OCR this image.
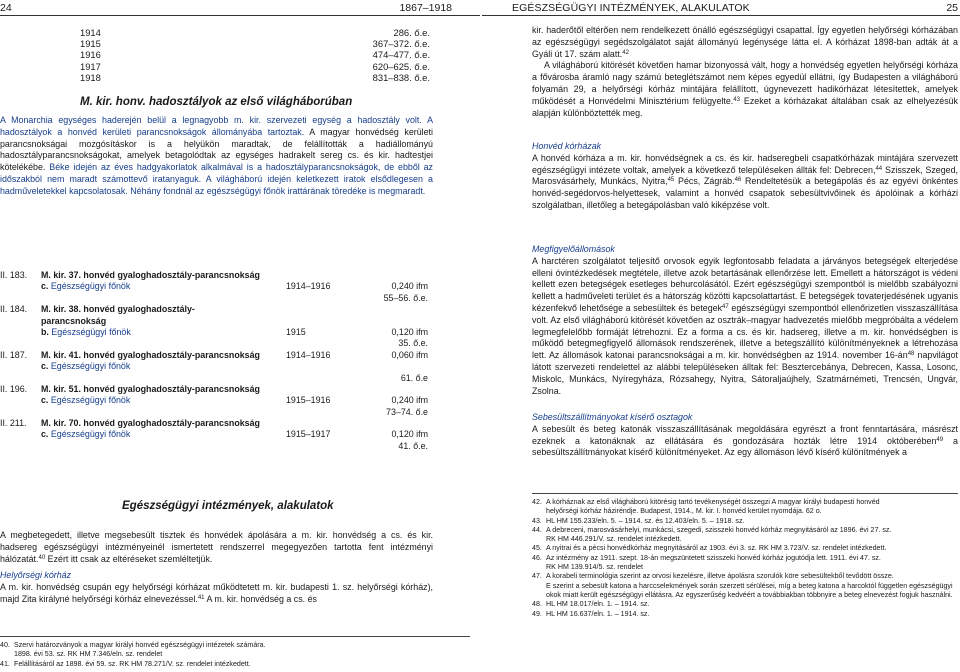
24	1867–1918
1914	286. ő.e.
1915	367–372. ő.e.
1916	474–477. ő.e.
1917	620–625. ő.e.
1918	831–838. ő.e.
M. kir. honv. hadosztályok az első világháborúban

A Monarchia egységes haderején belül a legnagyobb m. kir. szervezeti egység a hadosztály volt. A hadosztályok a honvéd kerületi parancsnokságok állományába tartoztak. A magyar honvédség kerületi parancsnokságai mozgósításkor is a helyükön maradtak, de felállították a hadiállományú hadosztályparancsnokságokat, amelyek betagolódtak az egységes hadrakelt sereg cs. és kir. hadtestjei kötelékébe. Béke idején az éves hadgyakorlatok alkalmával is a hadosztályparancsnokságok, de ebből az időszakból nem maradt számottevő iratanyaguk. A világháború idején keletkezett iratok elsődlegesen a hadműveletekkel kapcsolatosak. Néhány fondnál az egészségügyi főnök irattárának töredéke is megmaradt.

II. 183.	M. kir. 37. honvéd gyaloghadosztály-parancsnokság
c. Egészségügyi főnök	1914–1916	0,240 ifm
55–56. ő.e.
II. 184.	M. kir. 38. honvéd gyaloghadosztály-
parancsnokság
b. Egészségügyi főnök	1915	0,120 ifm
35. ő.e.
II. 187.	M. kir. 41. honvéd gyaloghadosztály-parancsnokság	1914–1916	0,060 ifm
c. Egészségügyi főnök
61. ő.e
II. 196.	M. kir. 51. honvéd gyaloghadosztály-parancsnokság
c. Egészségügyi főnök	1915–1916	0,240 ifm
73–74. ő.e
II. 211.	M. kir. 70. honvéd gyaloghadosztály-parancsnokság
c. Egészségügyi főnök	1915–1917	0,120 ifm
41. ő.e.
Egészségügyi intézmények, alakulatok

A megbetegedett, illetve megsebesült tisztek és honvédek ápolására a m. kir. honvédség a cs. és kir. hadsereg egészségügyi intézményeinél ismertetett rendszerrel megegyezően tartotta fent intézményi hálózatát.$^{40}$ Ezért itt csak az eltéréseket szemléltetjük.

Helyőrségi kórház

A m. kir. honvédség csupán egy helyőrségi kórházat működtetett m. kir. budapesti 1. sz. helyőrségi kórház), majd Zita királyné helyőrségi kórház elnevezéssel.$^{41}$ A m. kir. honvédség a cs. és

40. Szervi határozványok a magyar királyi honvéd egészségügyi intézetek számára.
1898. évi 53. sz. RK HM 7.346/eln. sz. rendelet
41. Felállításáról az 1898. évi 59. sz. RK HM 78.271/V. sz. rendelet intézkedett.
EGÉSZSÉGÜGYI INTÉZMÉNYEK, ALAKULATOK	25

kir. haderőtől eltérően nem rendelkezett önálló egészségügyi csapattal. Így egyetlen helyőrségi kórházában az egészségügyi segédszolgálatot saját állományú legénysége látta el. A kórházat 1898-ban adták át a Gyáli út 17. szám alatt.$^{42}$

A világháború kitörését követően hamar bizonyossá vált, hogy a honvédség egyetlen helyőrségi kórháza a fővárosba áramló nagy számú beteglétszámot nem képes egyedül ellátni, így Budapesten a világháború folyamán 29, a helyőrségi kórház mintájára felállított, úgynevezett hadikórházat létesítettek, amelyek működését a Honvédelmi Minisztérium felügyelte.$^{43}$ Ezeket a kórházakat általában csak az elhelyezésük alapján különböztették meg.

Honvéd kórházak

A honvéd kórháza a m. kir. honvédségnek a cs. és kir. hadseregbeli csapatkórházak mintájára szervezett egészségügyi intézete voltak, amelyek a következő településeken állták fel: Debrecen,$^{44}$ Szisszek, Szeged, Marosvásárhely, Munkács, Nyitra,$^{45}$ Pécs, Zágráb.$^{46}$ Rendeltetésük a betegápolás és az egyévi önkéntes honvéd-segédorvos-helyettesek, valamint a honvéd csapatok sebesültvivőinek és ápolóinak a kórházi szolgálatban, illetőleg a betegápolásban való kiképzése volt.

Megfigyelőállomások

A harctéren szolgálatot teljesítő orvosok egyik legfontosabb feladata a járványos betegségek elterjedése elleni óvintézkedések megtétele, illetve azok betartásának ellenőrzése lett. Emellett a hátországot is védeni kellett ezen betegségek esetleges behurcolásától. Ezért egészségügyi szempontból is mielőbb szabályozni kellett a hadműveleti terület és a hátország közötti kapcsolattartást. E betegségek tovaterjedésének ugyanis kézenfekvő lehetősége a sebesültek és betegek$^{47}$ egészségügyi szempontból ellenőrizetlen visszaszállítása volt. Az első világháború kitörését követően az osztrák–magyar hadvezetés mielőbb megpróbálta a védelem legmegfelelőbb formáját létrehozni. Ez a forma a cs. és kir. hadsereg, illetve a m. kir. honvédségben is működő betegmegfigyelő állomások rendszerének, illetve a betegszállító különítményeknek a létrehozása lett. Az állomások katonai parancsnokságai a m. kir. honvédségben az 1914. november $16-án^{48}$ napvilágot látott szervezeti rendelettel az alábbi településeken álltak fel: Besztercebánya, Debrecen, Kassa, Losonc, Miskolc, Munkács, Nyíregyháza, Rózsahegy, Nyitra, Sátoraljaújhely, Szatmárnémeti, Trencsén, Ungvár, Zsolna.

Sebesültszállítmányokat kísérő osztagok

A sebesült és beteg katonák visszaszállításának megoldására egyrészt a front fenntartására, másrészt ezeknek a katonáknak az ellátására és gondozására hozták létre 1914 októberében$^{49}$ a sebesültszállítmányokat kísérő különítményeket. Az egy állomáson lévő kísérő különítmények a

42. A kórháznak az első világháború kitörésig tartó tevékenységét összegzi A magyar királyi budapesti honvéd
helyőrségi kórház háziréndje. Budapest, 1914., M. kir. I. honvéd kerület nyomdája. 62 o.
43. HL HM 155.233/eln. 5. – 1914. sz. és 12.403/eln. 5. – 1918. sz.
44. A debreceni, marosvásárhelyi, munkácsi, szegedi, szisszeki honvéd kórház megnyitásáról az 1896. évi 27. sz.
RK HM 446.291/V. sz. rendelet intézkedett.
45. A nyitrai és a pécsi honvédkórház megnyitásáról az 1903. évi 3. sz. RK HM 3.723/V. sz. rendelet intézkedett.
46. Az intézmény az 1911. szept. 18-án megszüntetett szisszeki honvéd kórház jogutódja lett. 1911. évi 47. sz.
RK HM 139.914/5. sz. rendelet
47. A korabeli terminológia szerint az orvosi kezelésre, illetve ápolásra szorulók köre sebesültekből tevődött össze.
E szerint a sebesült katona a harccselekmények során szerzett sérülései, míg a beteg katona a harcoktól független egészségügyi okok miatt került egészségügyi ellátásra. Az egyszerűség kedvéért a továbbiakban többnyire a beteg elnevezést fogjuk használni.
48. HL HM 18.017/eln. 1. – 1914. sz.
49. HL HM 16.637/eln. 1. – 1914. sz.
